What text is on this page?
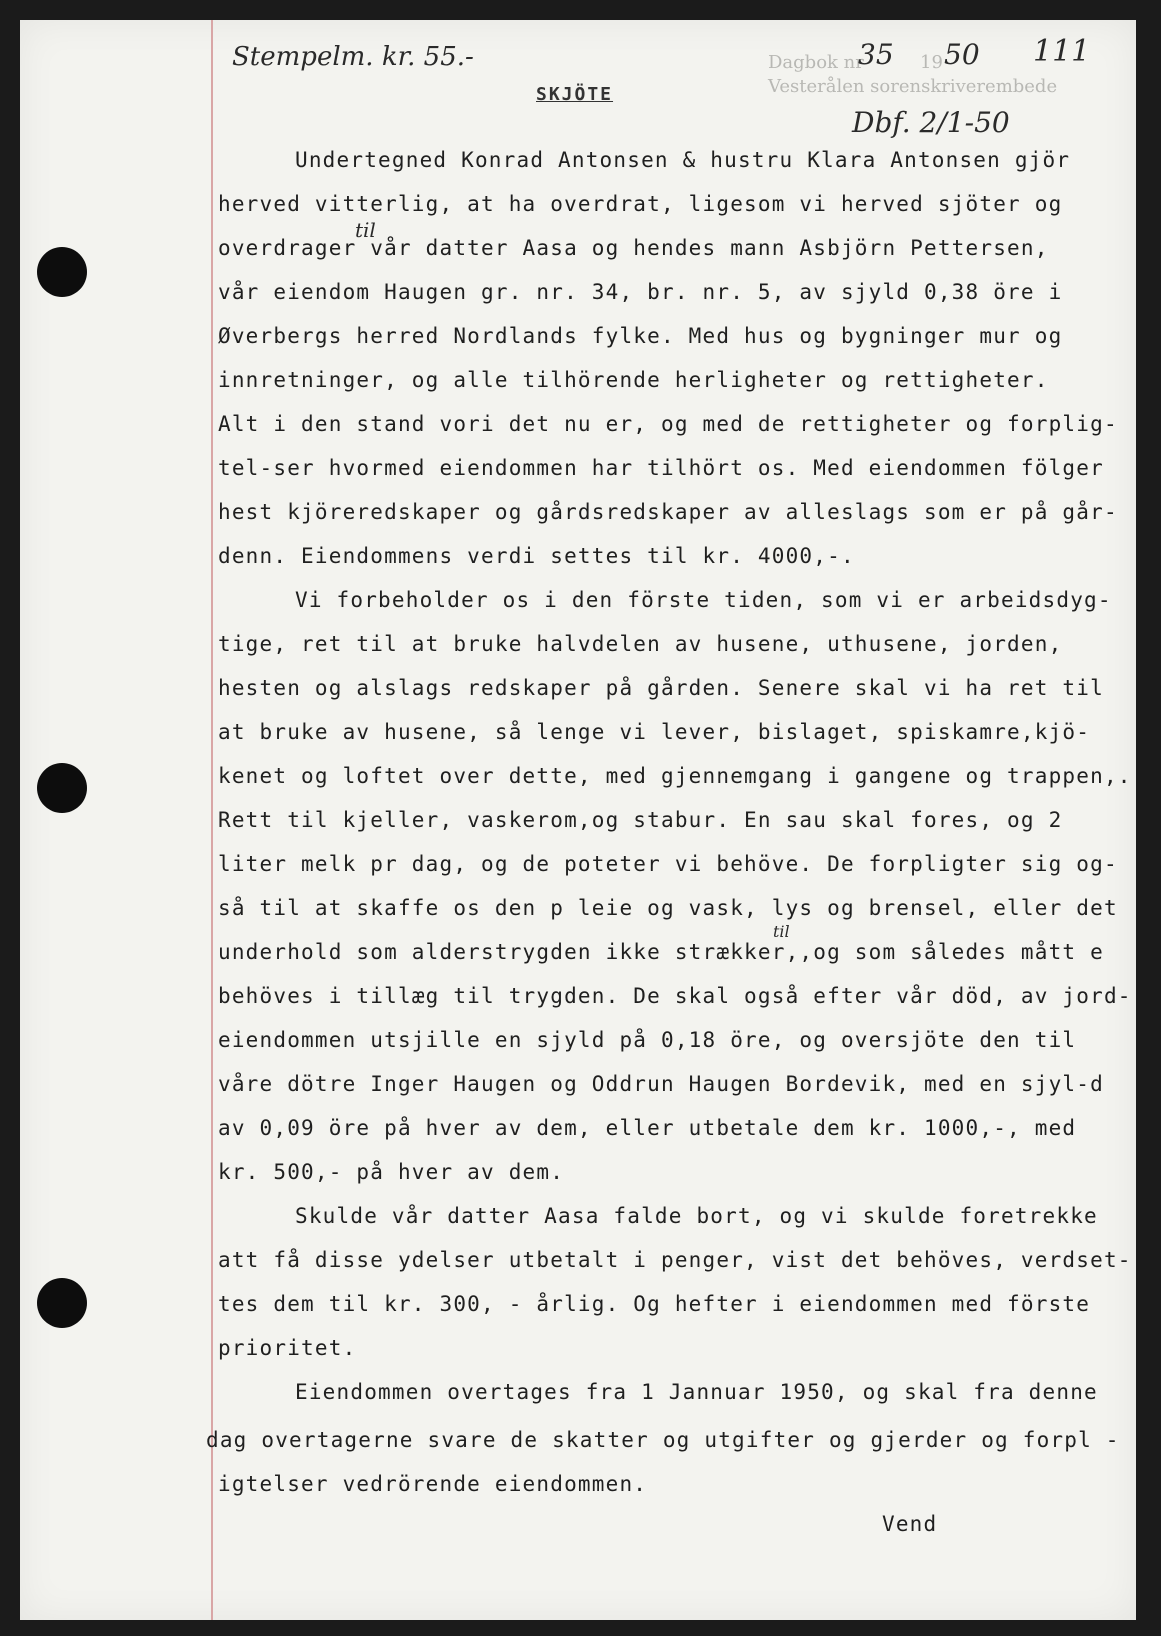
Stempelm. kr. 55.-	Dagbok nr
35 19 50
Vesterålen sorenskriverembede
111
Dbf. 2/1-50
SKJÖTE
til
til
Undertegned Konrad Antonsen & hustru Klara Antonsen gjör
herved vitterlig, at ha overdrat, ligesom vi herved sjöter og
overdrager vår datter Aasa og hendes mann Asbjörn Pettersen,
vår eiendom Haugen gr. nr. 34, br. nr. 5, av sjyld 0,38 öre i
Øverbergs herred Nordlands fylke. Med hus og bygninger mur og
innretninger, og alle tilhörende herligheter og rettigheter.
Alt i den stand vori det nu er, og med de rettigheter og forplig-
tel-ser hvormed eiendommen har tilhört os. Med eiendommen fölger
hest kjöreredskaper og gårdsredskaper av alleslags som er på går-
denn. Eiendommens verdi settes til kr. 4000,-.
Vi forbeholder os i den förste tiden, som vi er arbeidsdyg-
tige, ret til at bruke halvdelen av husene, uthusene, jorden,
hesten og alslags redskaper på gården. Senere skal vi ha ret til
at bruke av husene, så lenge vi lever, bislaget, spiskamre,kjö-
kenet og loftet over dette, med gjennemgang i gangene og trappen,.
Rett til kjeller, vaskerom,og stabur. En sau skal fores, og 2
liter melk pr dag, og de poteter vi behöve. De forpligter sig og-
så til at skaffe os den p leie og vask, lys og brensel, eller det
underhold som alderstrygden ikke strækker,,og som således mått e
behöves i tillæg til trygden. De skal også efter vår död, av jord-
eiendommen utsjille en sjyld på 0,18 öre, og oversjöte den til
våre dötre Inger Haugen og Oddrun Haugen Bordevik, med en sjyl-d
av 0,09 öre på hver av dem, eller utbetale dem kr. 1000,-, med
kr. 500,- på hver av dem.
Skulde vår datter Aasa falde bort, og vi skulde foretrekke
att få disse ydelser utbetalt i penger, vist det behöves, verdset-
tes dem til kr. 300, - årlig. Og hefter i eiendommen med förste
prioritet.
Eiendommen overtages fra 1 Jannuar 1950, og skal fra denne
dag overtagerne svare de skatter og utgifter og gjerder og forpl -
igtelser vedrörende eiendommen.
Vend
